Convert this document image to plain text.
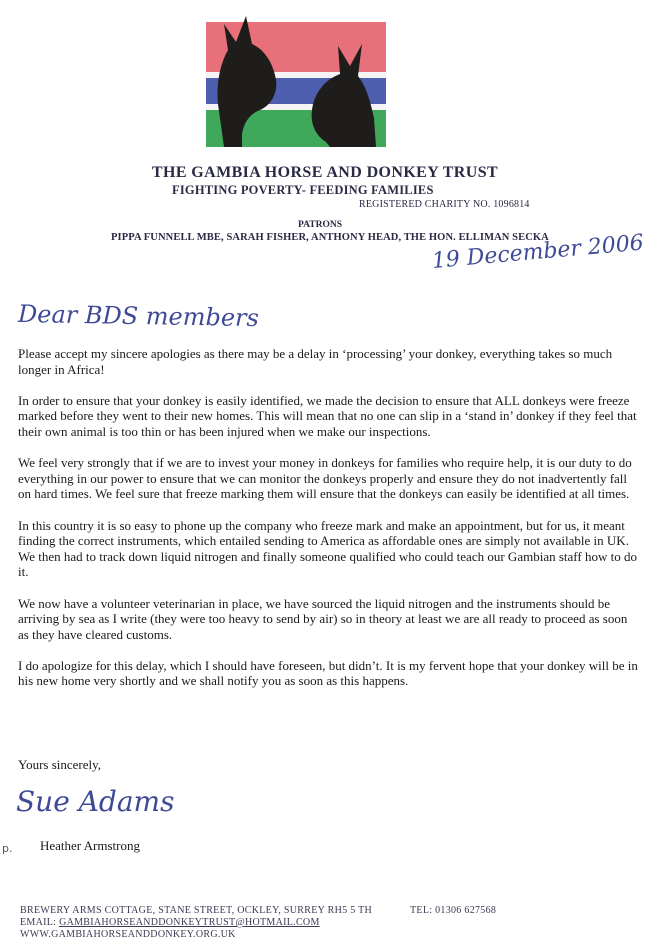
THE GAMBIA HORSE AND DONKEY TRUST
FIGHTING POVERTY- FEEDING FAMILIES
REGISTERED CHARITY NO. 1096814
PATRONS
PIPPA FUNNELL MBE, SARAH FISHER, ANTHONY HEAD, THE HON. ELLIMAN SECKA
19 December 2006
Dear BDS members

Please accept my sincere apologies as there may be a delay in ‘processing’ your donkey, everything takes so much longer in Africa!

In order to ensure that your donkey is easily identified, we made the decision to ensure that ALL donkeys were freeze marked before they went to their new homes. This will mean that no one can slip in a ‘stand in’ donkey if they feel that their own animal is too thin or has been injured when we make our inspections.

We feel very strongly that if we are to invest your money in donkeys for families who require help, it is our duty to do everything in our power to ensure that we can monitor the donkeys properly and ensure they do not inadvertently fall on hard times. We feel sure that freeze marking them will ensure that the donkeys can easily be identified at all times.

In this country it is so easy to phone up the company who freeze mark and make an appointment, but for us, it meant finding the correct instruments, which entailed sending to America as affordable ones are simply not available in UK. We then had to track down liquid nitrogen and finally someone qualified who could teach our Gambian staff how to do it.

We now have a volunteer veterinarian in place, we have sourced the liquid nitrogen and the instruments should be arriving by sea as I write (they were too heavy to send by air) so in theory at least we are all ready to proceed as soon as they have cleared customs.

I do apologize for this delay, which I should have foreseen, but didn’t. It is my fervent hope that your donkey will be in his new home very shortly and we shall notify you as soon as this happens.

Yours sincerely,
Sue Adams
p. Heather Armstrong
BREWERY ARMS COTTAGE, STANE STREET, OCKLEY, SURREY RH5 5 TH	TEL: 01306 627568
EMAIL: GAMBIAHORSEANDDONKEYTRUST@HOTMAIL.COM
WWW.GAMBIAHORSEANDDONKEY.ORG.UK
